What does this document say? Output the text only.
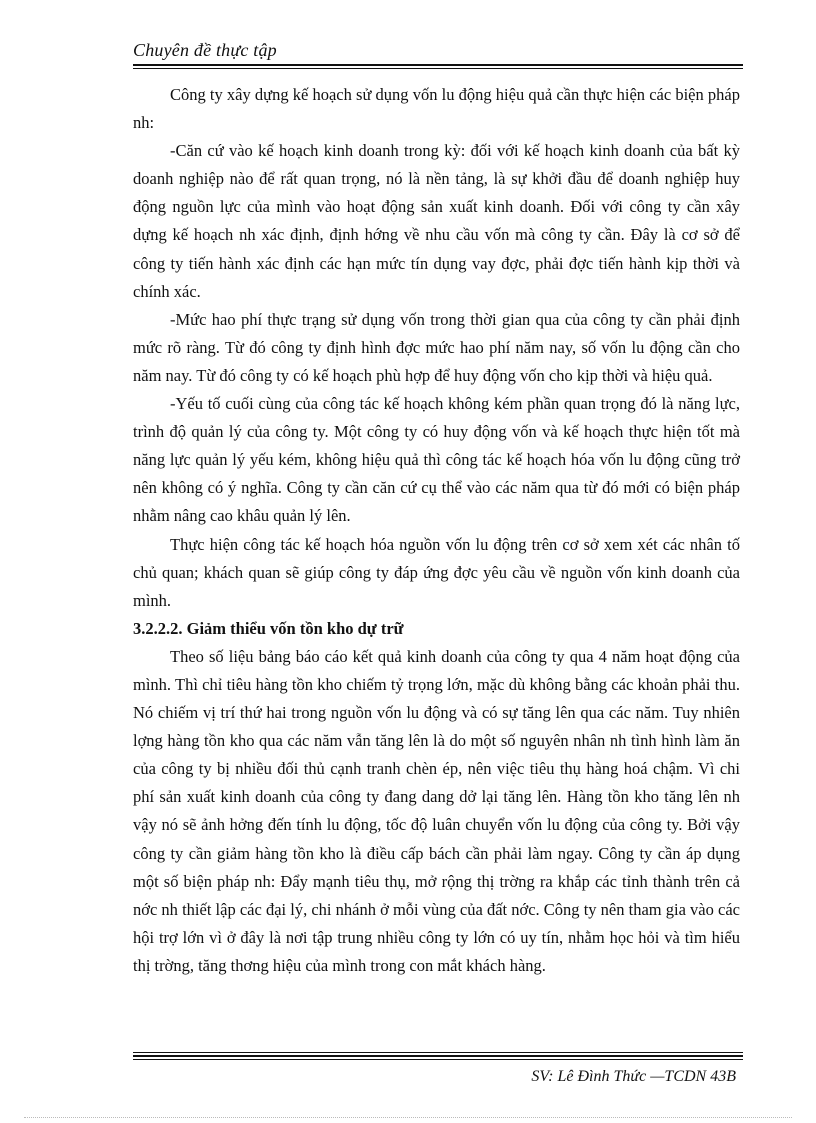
Chuyên đề thực tập

Công ty xây dựng kế hoạch sử dụng vốn lu động hiệu quả cần thực hiện các biện pháp nh:

-Căn cứ vào kế hoạch kinh doanh trong kỳ: đối với kế hoạch kinh doanh của bất kỳ doanh nghiệp nào để rất quan trọng, nó là nền tảng, là sự khởi đầu để doanh nghiệp huy động nguồn lực của mình vào hoạt động sản xuất kinh doanh. Đối với công ty cần xây dựng kế hoạch nh xác định, định hớng về nhu cầu vốn mà công ty cần. Đây là cơ sở để công ty tiến hành xác định các hạn mức tín dụng vay đợc, phải đợc tiến hành kịp thời và chính xác.

-Mức hao phí thực trạng sử dụng vốn trong thời gian qua của công ty cần phải định mức rõ ràng. Từ đó công ty định hình đợc mức hao phí năm nay, số vốn lu động cần cho năm nay. Từ đó công ty có kế hoạch phù hợp để huy động vốn cho kịp thời và hiệu quả.

-Yếu tố cuối cùng của công tác kế hoạch không kém phần quan trọng đó là năng lực, trình độ quản lý của công ty. Một công ty có huy động vốn và kế hoạch thực hiện tốt mà năng lực quản lý yếu kém, không hiệu quả thì công tác kế hoạch hóa vốn lu động cũng trở nên không có ý nghĩa. Công ty cần căn cứ cụ thể vào các năm qua từ đó mới có biện pháp nhằm nâng cao khâu quản lý lên.

Thực hiện công tác kế hoạch hóa nguồn vốn lu động trên cơ sở xem xét các nhân tố chủ quan; khách quan sẽ giúp công ty đáp ứng đợc yêu cầu về nguồn vốn kinh doanh của mình.

3.2.2.2. Giảm thiểu vốn tồn kho dự trữ

Theo số liệu bảng báo cáo kết quả kinh doanh của công ty qua 4 năm hoạt động của mình. Thì chỉ tiêu hàng tồn kho chiếm tỷ trọng lớn, mặc dù không bằng các khoản phải thu. Nó chiếm vị trí thứ hai trong nguồn vốn lu động và có sự tăng lên qua các năm. Tuy nhiên lợng hàng tồn kho qua các năm vẫn tăng lên là do một số nguyên nhân nh tình hình làm ăn của công ty bị nhiều đối thủ cạnh tranh chèn ép, nên việc tiêu thụ hàng hoá chậm. Vì chi phí sản xuất kinh doanh của công ty đang dang dở lại tăng lên. Hàng tồn kho tăng lên nh vậy nó sẽ ảnh hởng đến tính lu động, tốc độ luân chuyển vốn lu động của công ty. Bởi vậy công ty cần giảm hàng tồn kho là điều cấp bách cần phải làm ngay. Công ty cần áp dụng một số biện pháp nh: Đẩy mạnh tiêu thụ, mở rộng thị trờng ra khắp các tỉnh thành trên cả nớc nh thiết lập các đại lý, chi nhánh ở mỗi vùng của đất nớc. Công ty nên tham gia vào các hội trợ lớn vì ở đây là nơi tập trung nhiều công ty lớn có uy tín, nhằm học hỏi và tìm hiểu thị trờng, tăng thơng hiệu của mình trong con mắt khách hàng.

SV: Lê Đình Thức —TCDN 43B
